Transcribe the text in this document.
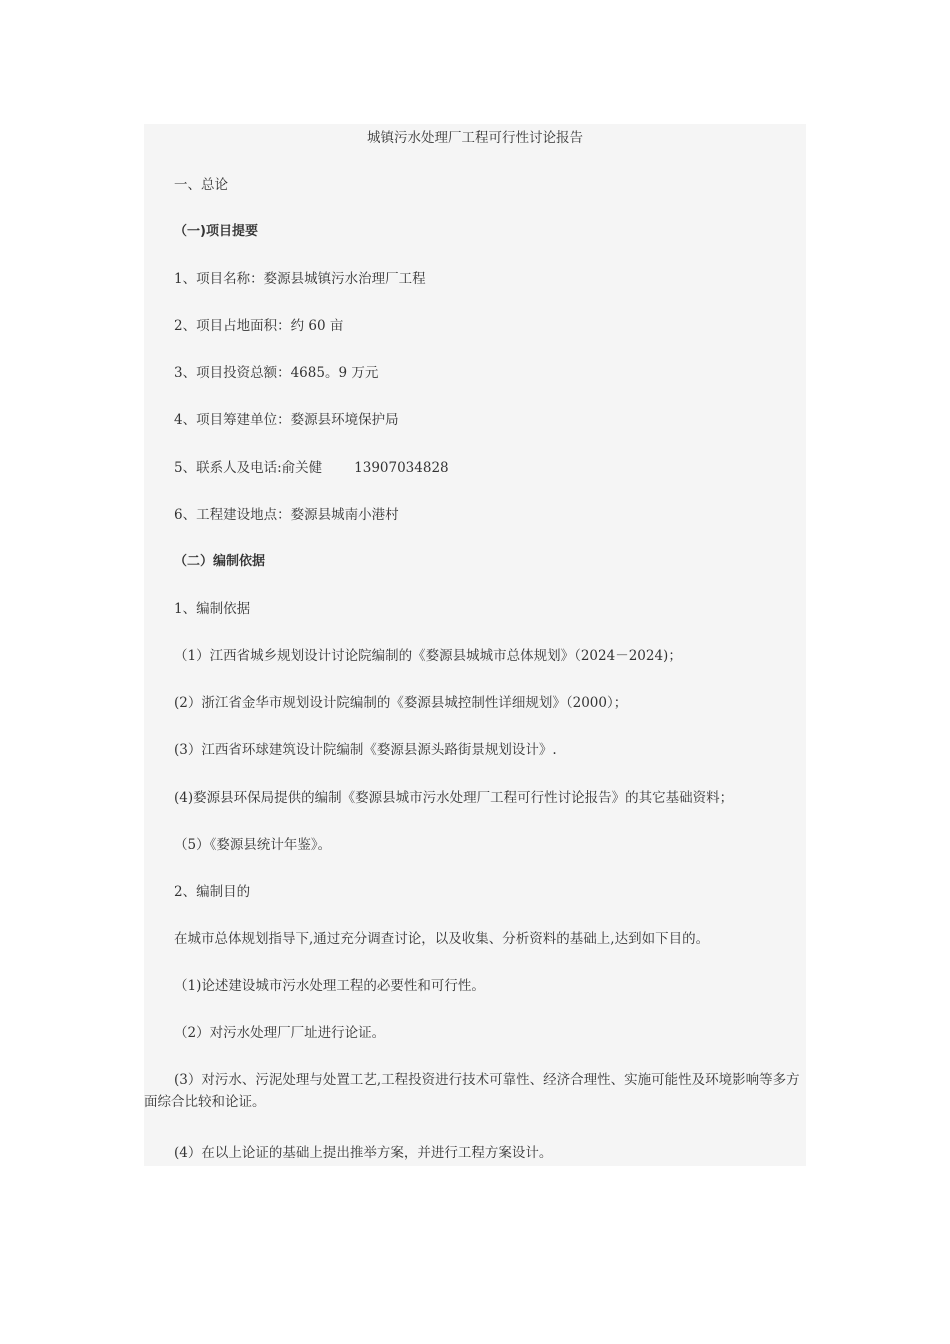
城镇污水处理厂工程可行性讨论报告
一、总论
（一)项目提要
1、项目名称：婺源县城镇污水治理厂工程
2、项目占地面积：约 60 亩
3、项目投资总额：4685。9 万元
4、项目筹建单位：婺源县环境保护局
5、联系人及电话:俞关健 13907034828
6、工程建设地点：婺源县城南小港村
（二）编制依据
1、编制依据
（1）江西省城乡规划设计讨论院编制的《婺源县城城市总体规划》（2024－2024)；
(2）浙江省金华市规划设计院编制的《婺源县城控制性详细规划》（2000）；
(3）江西省环球建筑设计院编制《婺源县源头路街景规划设计》.
(4)婺源县环保局提供的编制《婺源县城市污水处理厂工程可行性讨论报告》的其它基础资料；
（5）《婺源县统计年鉴》。
2、编制目的
在城市总体规划指导下,通过充分调查讨论，以及收集、分析资料的基础上,达到如下目的。
（1)论述建设城市污水处理工程的必要性和可行性。
（2）对污水处理厂厂址进行论证。
(3）对污水、污泥处理与处置工艺,工程投资进行技术可靠性、经济合理性、实施可能性及环境影响等多方面综合比较和论证。
(4）在以上论证的基础上提出推举方案，并进行工程方案设计。
